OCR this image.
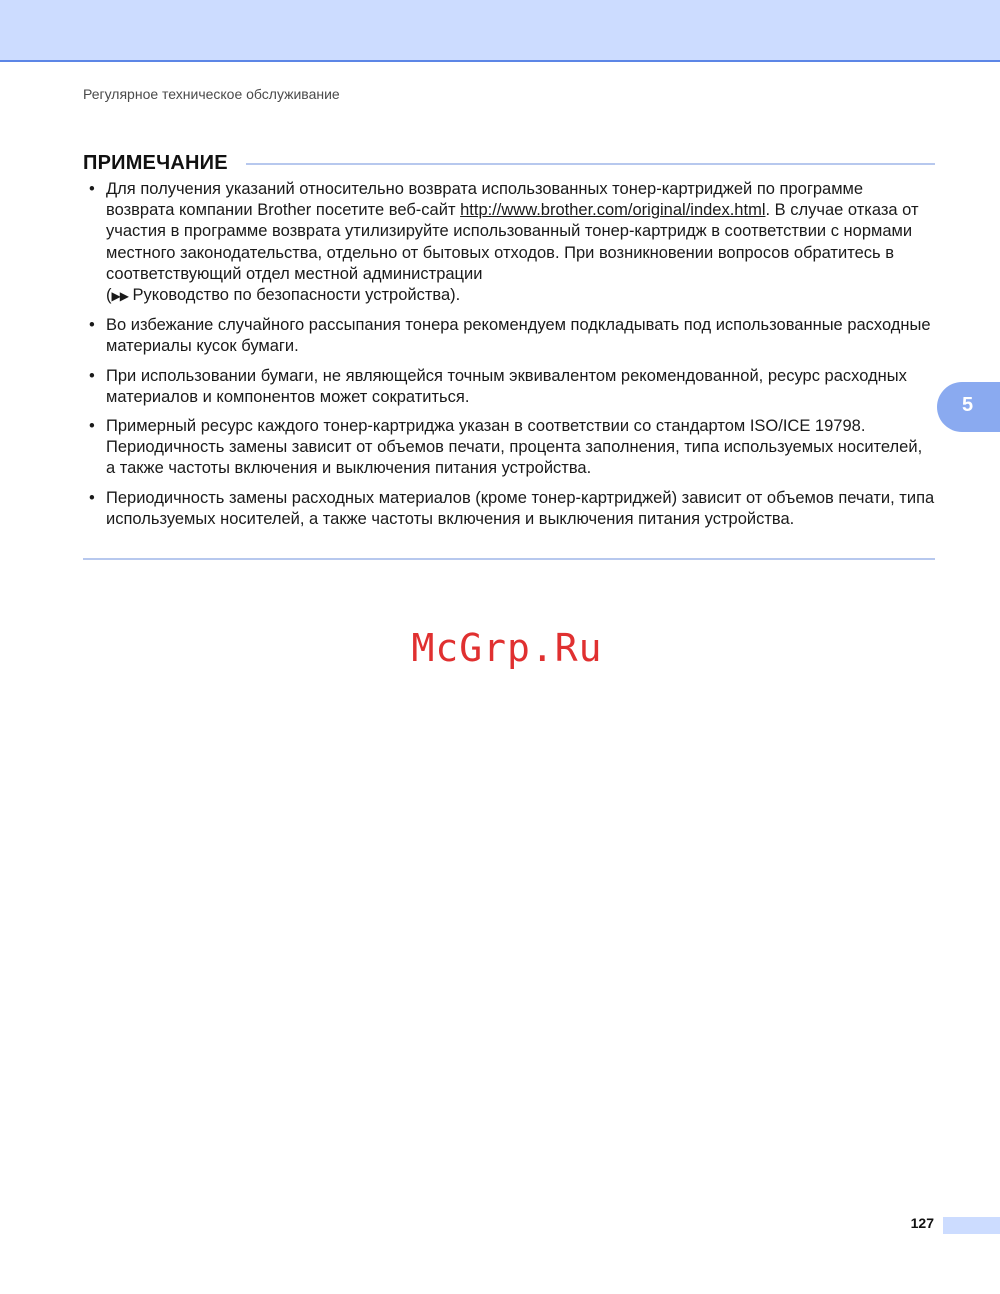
Регулярное техническое обслуживание
ПРИМЕЧАНИЕ
• Для получения указаний относительно возврата использованных тонер-картриджей по программе возврата компании Brother посетите веб-сайт http://www.brother.com/original/index.html. В случае отказа от участия в программе возврата утилизируйте использованный тонер-картридж в соответствии с нормами местного законодательства, отдельно от бытовых отходов. При возникновении вопросов обратитесь в соответствующий отдел местной администрации
(▶▶ Руководство по безопасности устройства).
• Во избежание случайного рассыпания тонера рекомендуем подкладывать под использованные расходные материалы кусок бумаги.
• При использовании бумаги, не являющейся точным эквивалентом рекомендованной, ресурс расходных материалов и компонентов может сократиться.
• Примерный ресурс каждого тонер-картриджа указан в соответствии со стандартом ISO/ICE 19798. Периодичность замены зависит от объемов печати, процента заполнения, типа используемых носителей, а также частоты включения и выключения питания устройства.
• Периодичность замены расходных материалов (кроме тонер-картриджей) зависит от объемов печати, типа используемых носителей, а также частоты включения и выключения питания устройства.
McGrp.Ru
5
127
